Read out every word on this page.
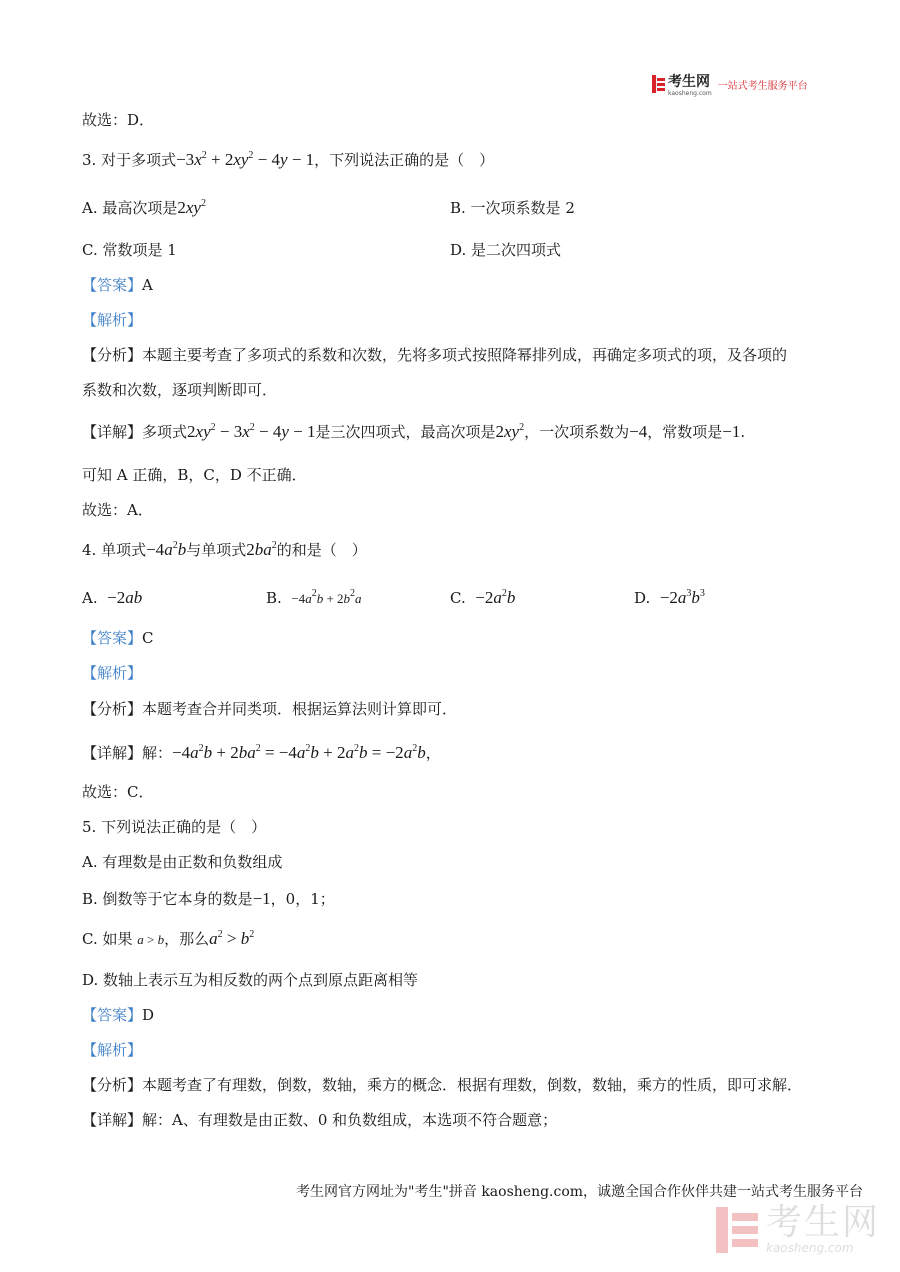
考生网
kaosheng.com
一站式考生服务平台
故选：D．
3. 对于多项式$-3x^2 + 2xy^2 - 4y - 1$，下列说法正确的是（　）
A. 最高次项是$2xy^2$	B. 一次项系数是 2
C. 常数项是 1	D. 是二次四项式
【答案】A
【解析】
【分析】本题主要考查了多项式的系数和次数，先将多项式按照降幂排列成，再确定多项式的项，及各项的
系数和次数，逐项判断即可．
【详解】多项式$2xy^2 - 3x^2 - 4y - 1$是三次四项式，最高次项是$2xy^2$，一次项系数为−4，常数项是−1.
可知 A 正确，B，C，D 不正确．
故选：A．
4. 单项式$-4a^2b$与单项式$2ba^2$的和是（　）
A. −2ab	B. $-4a^2b + 2b^2a$	C. $-2a^2b$	D. $-2a^3b^3$
【答案】C
【解析】
【分析】本题考查合并同类项．根据运算法则计算即可．
【详解】解：$-4a^2b + 2ba^2 = -4a^2b + 2a^2b = -2a^2b$，
故选：C．
5. 下列说法正确的是（　）
A. 有理数是由正数和负数组成
B. 倒数等于它本身的数是−1，0，1；
C. 如果 a > b，那么$a^2 > b^2$
D. 数轴上表示互为相反数的两个点到原点距离相等
【答案】D
【解析】
【分析】本题考查了有理数，倒数，数轴，乘方的概念．根据有理数，倒数，数轴，乘方的性质，即可求解．
【详解】解：A、有理数是由正数、0 和负数组成，本选项不符合题意；
考生网官方网址为"考生"拼音 kaosheng.com，诚邀全国合作伙伴共建一站式考生服务平台
考生网
kaosheng.com
